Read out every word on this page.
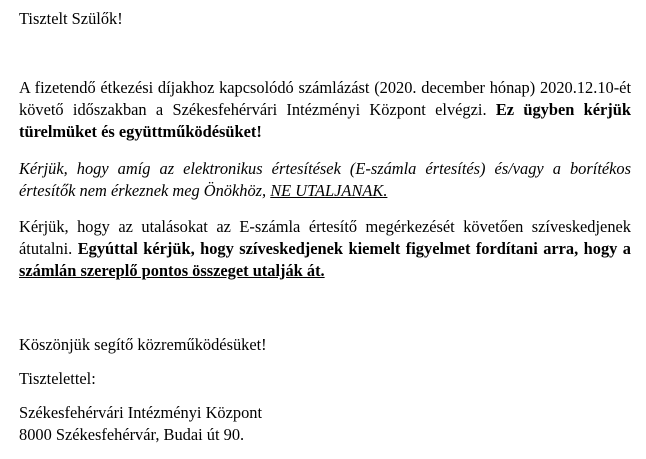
Tisztelt Szülők!
A fizetendő étkezési díjakhoz kapcsolódó számlázást (2020. december hónap) 2020.12.10-ét követő időszakban a Székesfehérvári Intézményi Központ elvégzi. Ez ügyben kérjük türelmüket és együttműködésüket!
Kérjük, hogy amíg az elektronikus értesítések (E-számla értesítés) és/vagy a borítékos értesítők nem érkeznek meg Önökhöz, NE UTALJANAK.
Kérjük, hogy az utalásokat az E-számla értesítő megérkezését követően szíveskedjenek átutalni. Egyúttal kérjük, hogy szíveskedjenek kiemelt figyelmet fordítani arra, hogy a számlán szereplő pontos összeget utalják át.
Köszönjük segítő közreműködésüket!
Tisztelettel:
Székesfehérvári Intézményi Központ
8000 Székesfehérvár, Budai út 90.
